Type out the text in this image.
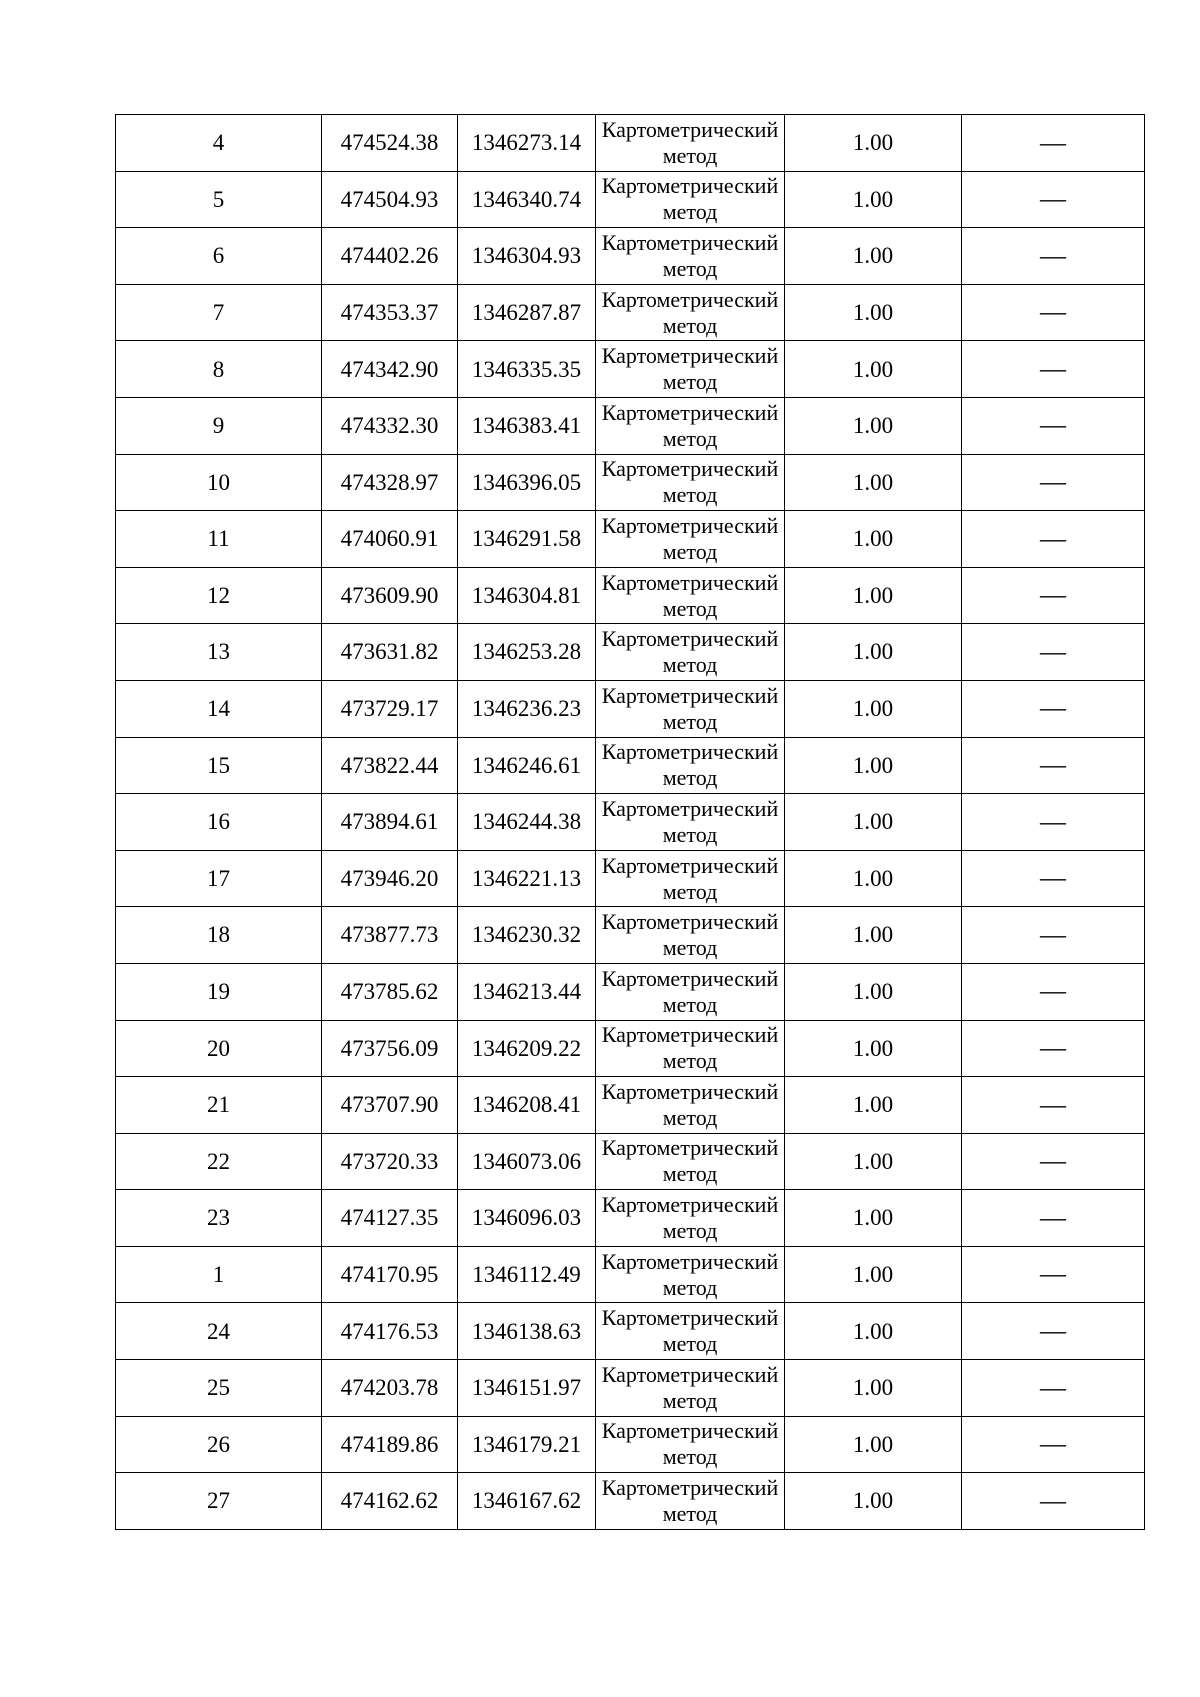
4	474524.38	1346273.14	Картометрический метод	1.00	—
5	474504.93	1346340.74	Картометрический метод	1.00	—
6	474402.26	1346304.93	Картометрический метод	1.00	—
7	474353.37	1346287.87	Картометрический метод	1.00	—
8	474342.90	1346335.35	Картометрический метод	1.00	—
9	474332.30	1346383.41	Картометрический метод	1.00	—
10	474328.97	1346396.05	Картометрический метод	1.00	—
11	474060.91	1346291.58	Картометрический метод	1.00	—
12	473609.90	1346304.81	Картометрический метод	1.00	—
13	473631.82	1346253.28	Картометрический метод	1.00	—
14	473729.17	1346236.23	Картометрический метод	1.00	—
15	473822.44	1346246.61	Картометрический метод	1.00	—
16	473894.61	1346244.38	Картометрический метод	1.00	—
17	473946.20	1346221.13	Картометрический метод	1.00	—
18	473877.73	1346230.32	Картометрический метод	1.00	—
19	473785.62	1346213.44	Картометрический метод	1.00	—
20	473756.09	1346209.22	Картометрический метод	1.00	—
21	473707.90	1346208.41	Картометрический метод	1.00	—
22	473720.33	1346073.06	Картометрический метод	1.00	—
23	474127.35	1346096.03	Картометрический метод	1.00	—
1	474170.95	1346112.49	Картометрический метод	1.00	—
24	474176.53	1346138.63	Картометрический метод	1.00	—
25	474203.78	1346151.97	Картометрический метод	1.00	—
26	474189.86	1346179.21	Картометрический метод	1.00	—
27	474162.62	1346167.62	Картометрический метод	1.00	—
